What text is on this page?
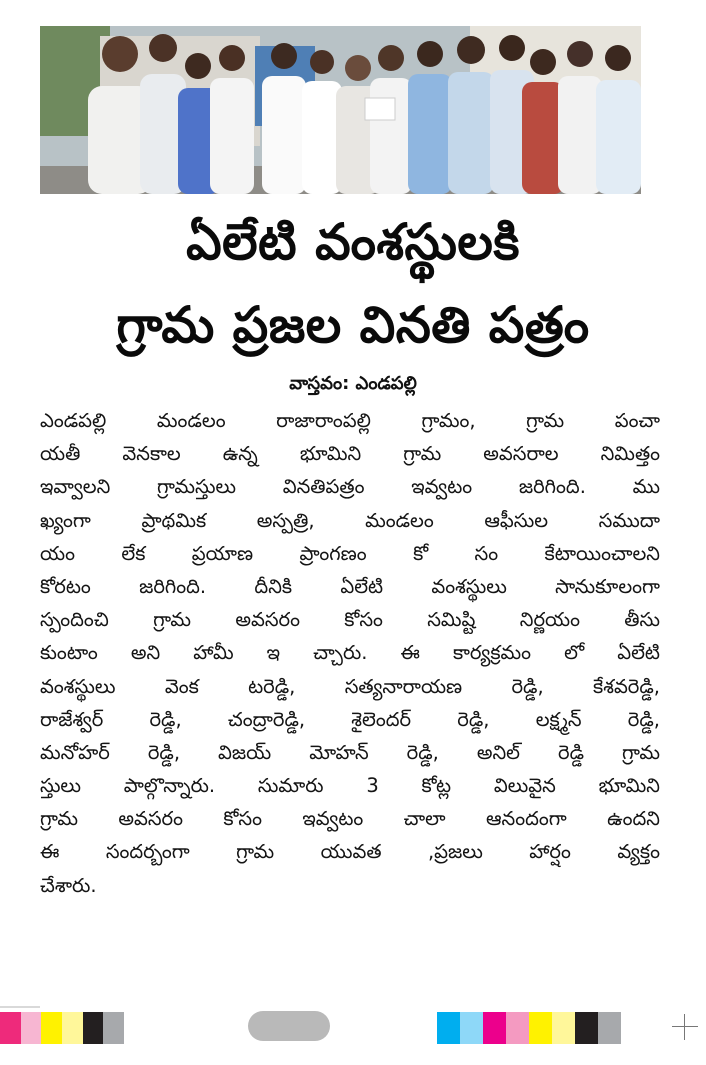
ఏలేటి వంశస్థులకి
గ్రామ ప్రజల వినతి పత్రం
వాస్తవం: ఎండపల్లి
ఎండపల్లి మండలం రాజారాంపల్లి గ్రామం, గ్రామ పంచా
యతీ వెనకాల ఉన్న భూమిని గ్రామ అవసరాల నిమిత్తం
ఇవ్వాలని గ్రామస్తులు వినతిపత్రం ఇవ్వటం జరిగింది. ము
ఖ్యంగా ప్రాథమిక అస్పత్రి, మండలం ఆఫీసుల సముదా
యం లేక ప్రయాణ ప్రాంగణం కో సం కేటాయించాలని
కోరటం జరిగింది. దీనికి ఏలేటి వంశస్థులు సానుకూలంగా
స్పందించి గ్రామ అవసరం కోసం సమిష్టి నిర్ణయం తీసు
కుంటాం అని హామీ ఇ చ్చారు. ఈ కార్యక్రమం లో ఏలేటి
వంశస్థులు వెంక టరెడ్డి, సత్యనారాయణ రెడ్డి, కేశవరెడ్డి,
రాజేశ్వర్ రెడ్డి, చంద్రారెడ్డి, శైలెందర్ రెడ్డి, లక్ష్మన్ రెడ్డి,
మనోహర్ రెడ్డి, విజయ్ మోహన్ రెడ్డి, అనిల్ రెడ్డి గ్రామ
స్తులు పాల్గొన్నారు. సుమారు 3 కోట్ల విలువైన భూమిని
గ్రామ అవసరం కోసం ఇవ్వటం చాలా ఆనందంగా ఉందని
ఈ సందర్బంగా గ్రామ యువత ,ప్రజలు హార్షం వ్యక్తం
చేశారు.
